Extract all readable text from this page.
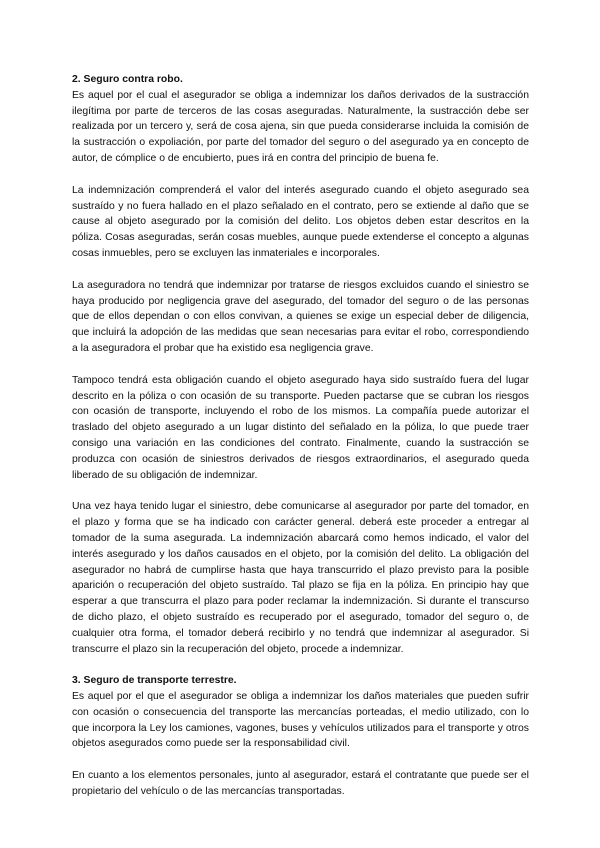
2. Seguro contra robo.

Es aquel por el cual el asegurador se obliga a indemnizar los daños derivados de la sustracción ilegítima por parte de terceros de las cosas aseguradas. Naturalmente, la sustracción debe ser realizada por un tercero y, será de cosa ajena, sin que pueda considerarse incluida la comisión de la sustracción o expoliación, por parte del tomador del seguro o del asegurado ya en concepto de autor, de cómplice o de encubierto, pues irá en contra del principio de buena fe.

La indemnización comprenderá el valor del interés asegurado cuando el objeto asegurado sea sustraído y no fuera hallado en el plazo señalado en el contrato, pero se extiende al daño que se cause al objeto asegurado por la comisión del delito. Los objetos deben estar descritos en la póliza. Cosas aseguradas, serán cosas muebles, aunque puede extenderse el concepto a algunas cosas inmuebles, pero se excluyen las inmateriales e incorporales.

La aseguradora no tendrá que indemnizar por tratarse de riesgos excluidos cuando el siniestro se haya producido por negligencia grave del asegurado, del tomador del seguro o de las personas que de ellos dependan o con ellos convivan, a quienes se exige un especial deber de diligencia, que incluirá la adopción de las medidas que sean necesarias para evitar el robo, correspondiendo a la aseguradora el probar que ha existido esa negligencia grave.

Tampoco tendrá esta obligación cuando el objeto asegurado haya sido sustraído fuera del lugar descrito en la póliza o con ocasión de su transporte. Pueden pactarse que se cubran los riesgos con ocasión de transporte, incluyendo el robo de los mismos. La compañía puede autorizar el traslado del objeto asegurado a un lugar distinto del señalado en la póliza, lo que puede traer consigo una variación en las condiciones del contrato. Finalmente, cuando la sustracción se produzca con ocasión de siniestros derivados de riesgos extraordinarios, el asegurado queda liberado de su obligación de indemnizar.

Una vez haya tenido lugar el siniestro, debe comunicarse al asegurador por parte del tomador, en el plazo y forma que se ha indicado con carácter general. deberá este proceder a entregar al tomador de la suma asegurada. La indemnización abarcará como hemos indicado, el valor del interés asegurado y los daños causados en el objeto, por la comisión del delito. La obligación del asegurador no habrá de cumplirse hasta que haya transcurrido el plazo previsto para la posible aparición o recuperación del objeto sustraído. Tal plazo se fija en la póliza. En principio hay que esperar a que transcurra el plazo para poder reclamar la indemnización. Si durante el transcurso de dicho plazo, el objeto sustraído es recuperado por el asegurado, tomador del seguro o, de cualquier otra forma, el tomador deberá recibirlo y no tendrá que indemnizar al asegurador. Si transcurre el plazo sin la recuperación del objeto, procede a indemnizar.

3. Seguro de transporte terrestre.

Es aquel por el que el asegurador se obliga a indemnizar los daños materiales que pueden sufrir con ocasión o consecuencia del transporte las mercancías porteadas, el medio utilizado, con lo que incorpora la Ley los camiones, vagones, buses y vehículos utilizados para el transporte y otros objetos asegurados como puede ser la responsabilidad civil.

En cuanto a los elementos personales, junto al asegurador, estará el contratante que puede ser el propietario del vehículo o de las mercancías transportadas.
